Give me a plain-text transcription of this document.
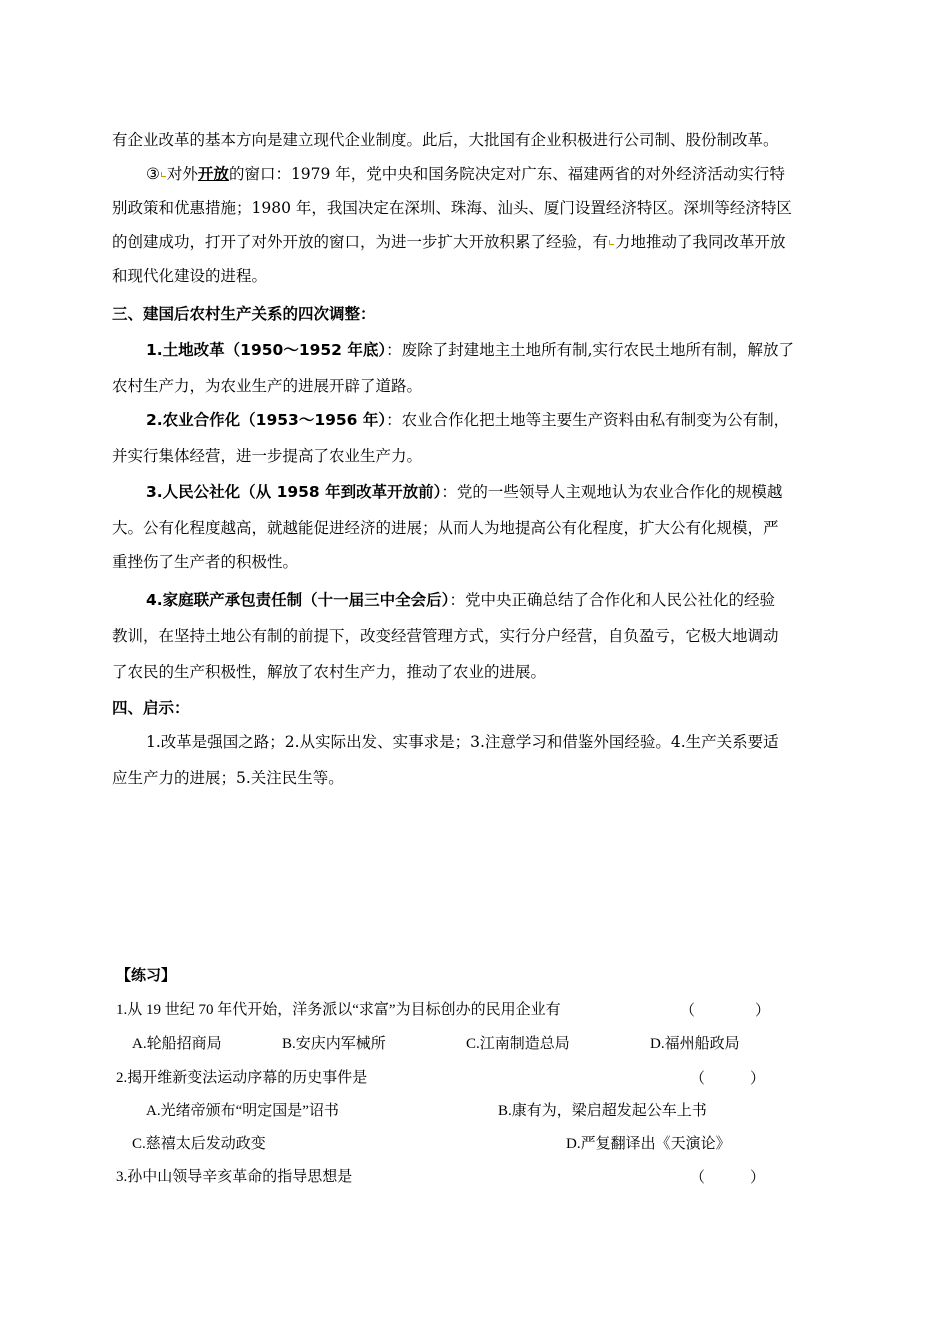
有企业改革的基本方向是建立现代企业制度。此后，大批国有企业积极进行公司制、股份制改革。
③ 对外开放的窗口：1979 年，党中央和国务院决定对广东、福建两省的对外经济活动实行特
别政策和优惠措施；1980 年，我国决定在深圳、珠海、汕头、厦门设置经济特区。深圳等经济特区
的创建成功，打开了对外开放的窗口，为进一步扩大开放积累了经验，有 力地推动了我同改革开放
和现代化建设的进程。
三、建国后农村生产关系的四次调整：
1.土地改革（1950～1952 年底）：废除了封建地主土地所有制,实行农民土地所有制，解放了
农村生产力，为农业生产的进展开辟了道路。
2.农业合作化（1953～1956 年）：农业合作化把土地等主要生产资料由私有制变为公有制，
并实行集体经营，进一步提高了农业生产力。
3.人民公社化（从 1958 年到改革开放前）：党的一些领导人主观地认为农业合作化的规模越
大。公有化程度越高，就越能促进经济的进展；从而人为地提高公有化程度，扩大公有化规模，严
重挫伤了生产者的积极性。
4.家庭联产承包责任制（十一届三中全会后）：党中央正确总结了合作化和人民公社化的经验
教训，在坚持土地公有制的前提下，改变经营管理方式，实行分户经营，自负盈亏，它极大地调动
了农民的生产积极性，解放了农村生产力，推动了农业的进展。
四、启示：
1.改革是强国之路；2.从实际出发、实事求是；3.注意学习和借鉴外国经验。4.生产关系要适
应生产力的进展；5.关注民生等。
【练习】
1.从 19 世纪 70 年代开始，洋务派以“求富”为目标创办的民用企业有	（　　　　）
A.轮船招商局	B.安庆内军械所	C.江南制造总局	D.福州船政局
2.揭开维新变法运动序幕的历史事件是	（　　　）
A.光绪帝颁布“明定国是”诏书	B.康有为，梁启超发起公车上书
C.慈禧太后发动政变	D.严复翻译出《天演论》
3.孙中山领导辛亥革命的指导思想是	（　　　）
